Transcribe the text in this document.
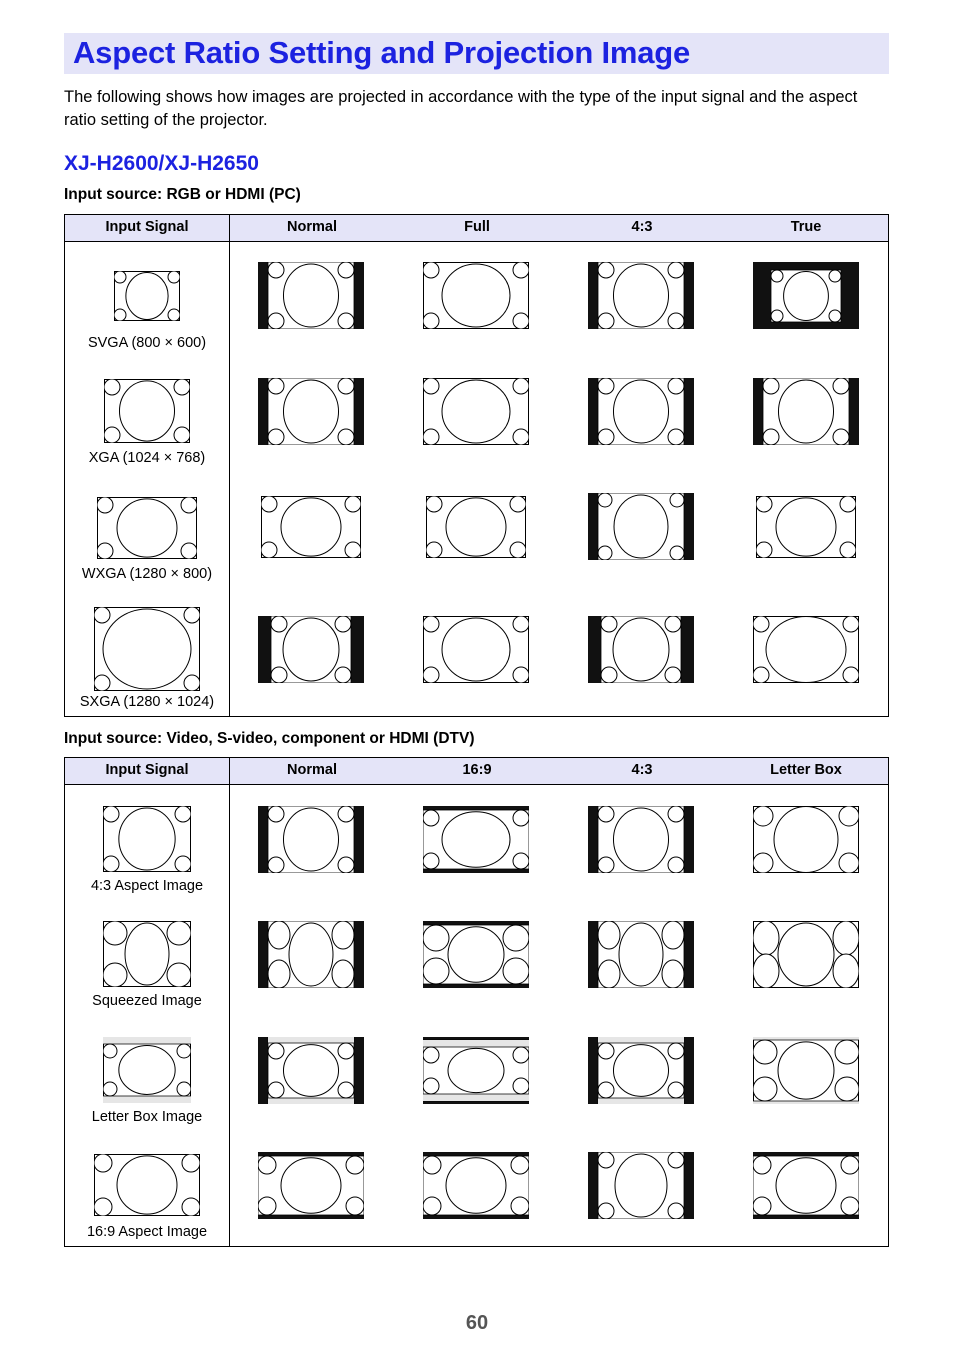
Aspect Ratio Setting and Projection Image
The following shows how images are projected in accordance with the type of the input signal and the aspect ratio setting of the projector.
XJ-H2600/XJ-H2650
Input source: RGB or HDMI (PC)
Input Signal	Normal	Full	4:3	True
SVGA (800 × 600)
XGA (1024 × 768)
WXGA (1280 × 800)
SXGA (1280 × 1024)
Input source: Video, S-video, component or HDMI (DTV)
Input Signal	Normal	16:9	4:3	Letter Box
4:3 Aspect Image
Squeezed Image
Letter Box Image
16:9 Aspect Image
60
